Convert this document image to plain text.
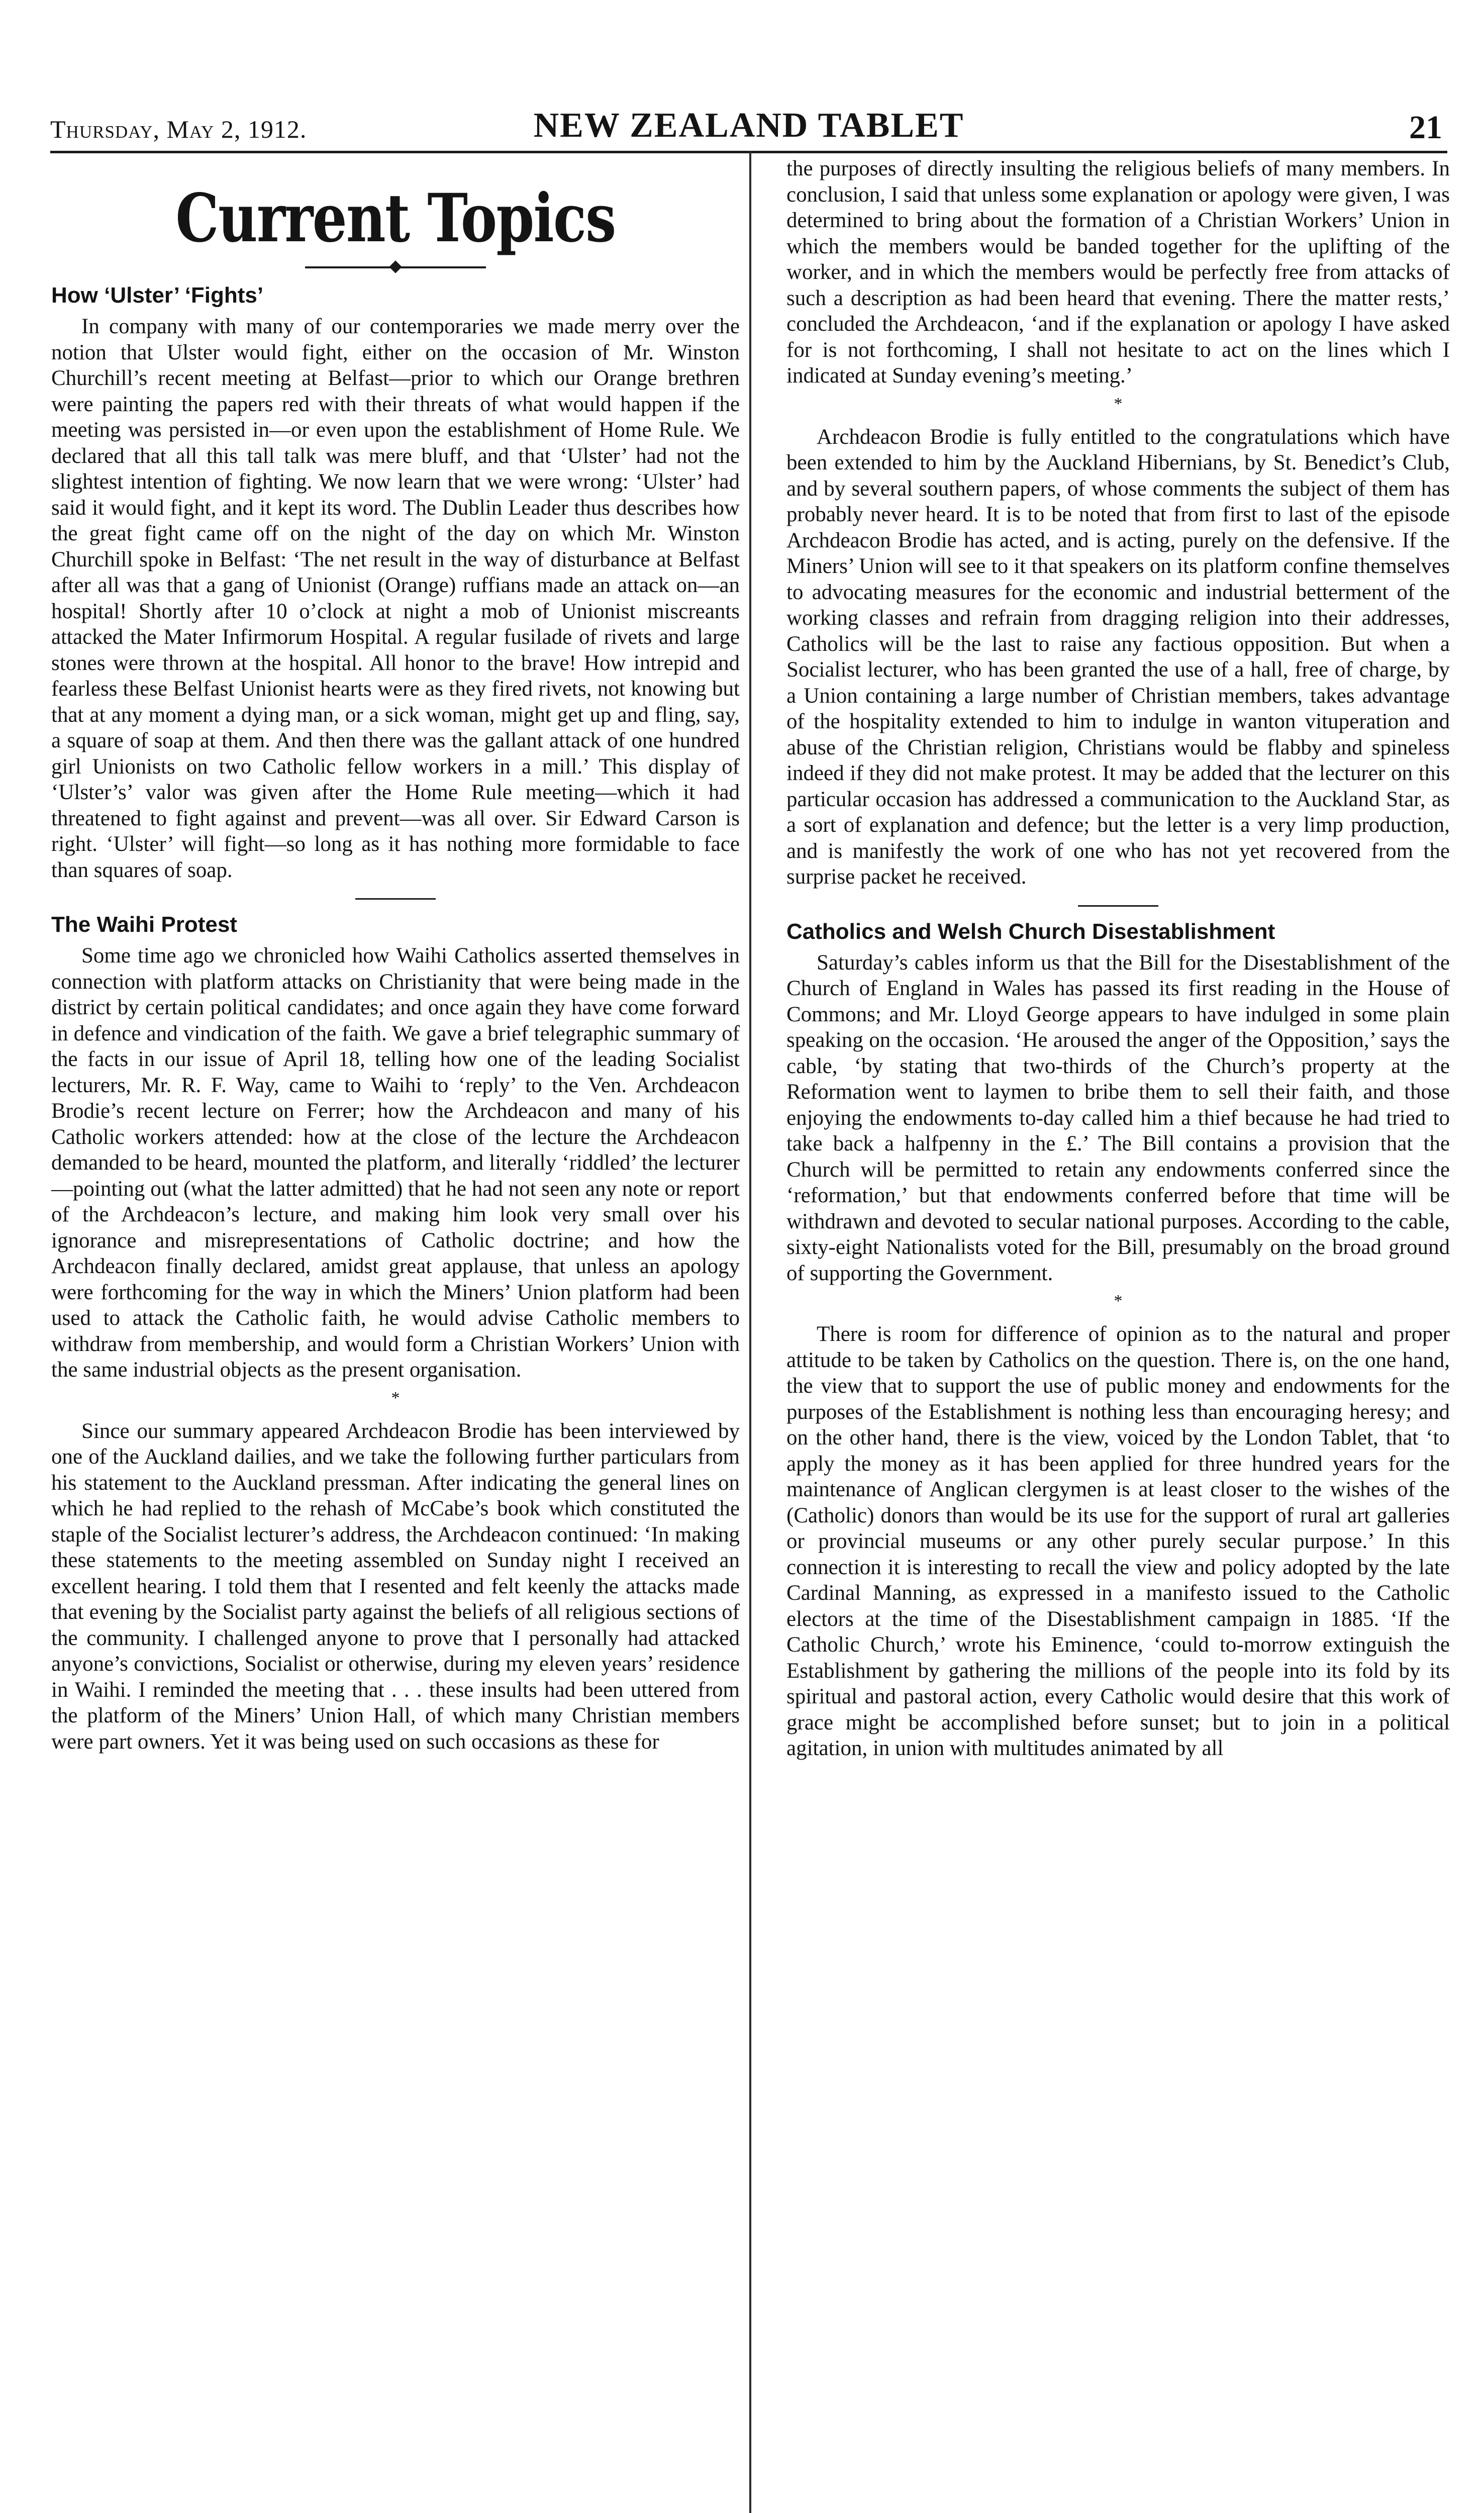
Thursday, May 2, 1912.	NEW ZEALAND TABLET	21
Current Topics
How ‘Ulster’ ‘Fights’

In company with many of our contemporaries we made merry over the notion that Ulster would fight, either on the occasion of Mr. Winston Churchill’s recent meeting at Belfast—prior to which our Orange brethren were painting the papers red with their threats of what would happen if the meeting was persisted in—or even upon the establishment of Home Rule. We declared that all this tall talk was mere bluff, and that ‘Ulster’ had not the slightest intention of fighting. We now learn that we were wrong: ‘Ulster’ had said it would fight, and it kept its word. The Dublin Leader thus describes how the great fight came off on the night of the day on which Mr. Winston Churchill spoke in Belfast: ‘The net result in the way of disturbance at Belfast after all was that a gang of Unionist (Orange) ruffians made an attack on—an hospital! Shortly after 10 o’clock at night a mob of Unionist miscreants attacked the Mater Infirmorum Hospital. A regular fusilade of rivets and large stones were thrown at the hospital. All honor to the brave! How intrepid and fearless these Belfast Unionist hearts were as they fired rivets, not knowing but that at any moment a dying man, or a sick woman, might get up and fling, say, a square of soap at them. And then there was the gallant attack of one hundred girl Unionists on two Catholic fellow workers in a mill.’ This display of ‘Ulster’s’ valor was given after the Home Rule meeting—which it had threatened to fight against and prevent—was all over. Sir Edward Carson is right. ‘Ulster’ will fight—so long as it has nothing more formidable to face than squares of soap.

The Waihi Protest

Some time ago we chronicled how Waihi Catholics asserted themselves in connection with platform attacks on Christianity that were being made in the district by certain political candidates; and once again they have come forward in defence and vindication of the faith. We gave a brief telegraphic summary of the facts in our issue of April 18, telling how one of the leading Socialist lecturers, Mr. R. F. Way, came to Waihi to ‘reply’ to the Ven. Archdeacon Brodie’s recent lecture on Ferrer; how the Archdeacon and many of his Catholic workers attended: how at the close of the lecture the Archdeacon demanded to be heard, mounted the platform, and literally ‘riddled’ the lecturer—pointing out (what the latter admitted) that he had not seen any note or report of the Archdeacon’s lecture, and making him look very small over his ignorance and misrepresentations of Catholic doctrine; and how the Archdeacon finally declared, amidst great applause, that unless an apology were forthcoming for the way in which the Miners’ Union platform had been used to attack the Catholic faith, he would advise Catholic members to withdraw from membership, and would form a Christian Workers’ Union with the same industrial objects as the present organisation.

*

Since our summary appeared Archdeacon Brodie has been interviewed by one of the Auckland dailies, and we take the following further particulars from his statement to the Auckland pressman. After indicating the general lines on which he had replied to the rehash of McCabe’s book which constituted the staple of the Socialist lecturer’s address, the Archdeacon continued: ‘In making these statements to the meeting assembled on Sunday night I received an excellent hearing. I told them that I resented and felt keenly the attacks made that evening by the Socialist party against the beliefs of all religious sections of the community. I challenged anyone to prove that I personally had attacked anyone’s convictions, Socialist or otherwise, during my eleven years’ residence in Waihi. I reminded the meeting that . . . these insults had been uttered from the platform of the Miners’ Union Hall, of which many Christian members were part owners. Yet it was being used on such occasions as these for

the purposes of directly insulting the religious beliefs of many members. In conclusion, I said that unless some explanation or apology were given, I was determined to bring about the formation of a Christian Workers’ Union in which the members would be banded together for the uplifting of the worker, and in which the members would be perfectly free from attacks of such a description as had been heard that evening. There the matter rests,’ concluded the Archdeacon, ‘and if the explanation or apology I have asked for is not forthcoming, I shall not hesitate to act on the lines which I indicated at Sunday evening’s meeting.’

*

Archdeacon Brodie is fully entitled to the congratulations which have been extended to him by the Auckland Hibernians, by St. Benedict’s Club, and by several southern papers, of whose comments the subject of them has probably never heard. It is to be noted that from first to last of the episode Archdeacon Brodie has acted, and is acting, purely on the defensive. If the Miners’ Union will see to it that speakers on its platform confine themselves to advocating measures for the economic and industrial betterment of the working classes and refrain from dragging religion into their addresses, Catholics will be the last to raise any factious opposition. But when a Socialist lecturer, who has been granted the use of a hall, free of charge, by a Union containing a large number of Christian members, takes advantage of the hospitality extended to him to indulge in wanton vituperation and abuse of the Christian religion, Christians would be flabby and spineless indeed if they did not make protest. It may be added that the lecturer on this particular occasion has addressed a communication to the Auckland Star, as a sort of explanation and defence; but the letter is a very limp production, and is manifestly the work of one who has not yet recovered from the surprise packet he received.

Catholics and Welsh Church Disestablishment

Saturday’s cables inform us that the Bill for the Disestablishment of the Church of England in Wales has passed its first reading in the House of Commons; and Mr. Lloyd George appears to have indulged in some plain speaking on the occasion. ‘He aroused the anger of the Opposition,’ says the cable, ‘by stating that two-thirds of the Church’s property at the Reformation went to laymen to bribe them to sell their faith, and those enjoying the endowments to-day called him a thief because he had tried to take back a halfpenny in the £.’ The Bill contains a provision that the Church will be permitted to retain any endowments conferred since the ‘reformation,’ but that endowments conferred before that time will be withdrawn and devoted to secular national purposes. According to the cable, sixty-eight Nationalists voted for the Bill, presumably on the broad ground of supporting the Government.

*

There is room for difference of opinion as to the natural and proper attitude to be taken by Catholics on the question. There is, on the one hand, the view that to support the use of public money and endowments for the purposes of the Establishment is nothing less than encouraging heresy; and on the other hand, there is the view, voiced by the London Tablet, that ‘to apply the money as it has been applied for three hundred years for the maintenance of Anglican clergymen is at least closer to the wishes of the (Catholic) donors than would be its use for the support of rural art galleries or provincial museums or any other purely secular purpose.’ In this connection it is interesting to recall the view and policy adopted by the late Cardinal Manning, as expressed in a manifesto issued to the Catholic electors at the time of the Disestablishment campaign in 1885. ‘If the Catholic Church,’ wrote his Eminence, ‘could to-morrow extinguish the Establishment by gathering the millions of the people into its fold by its spiritual and pastoral action, every Catholic would desire that this work of grace might be accomplished before sunset; but to join in a political agitation, in union with multitudes animated by all
